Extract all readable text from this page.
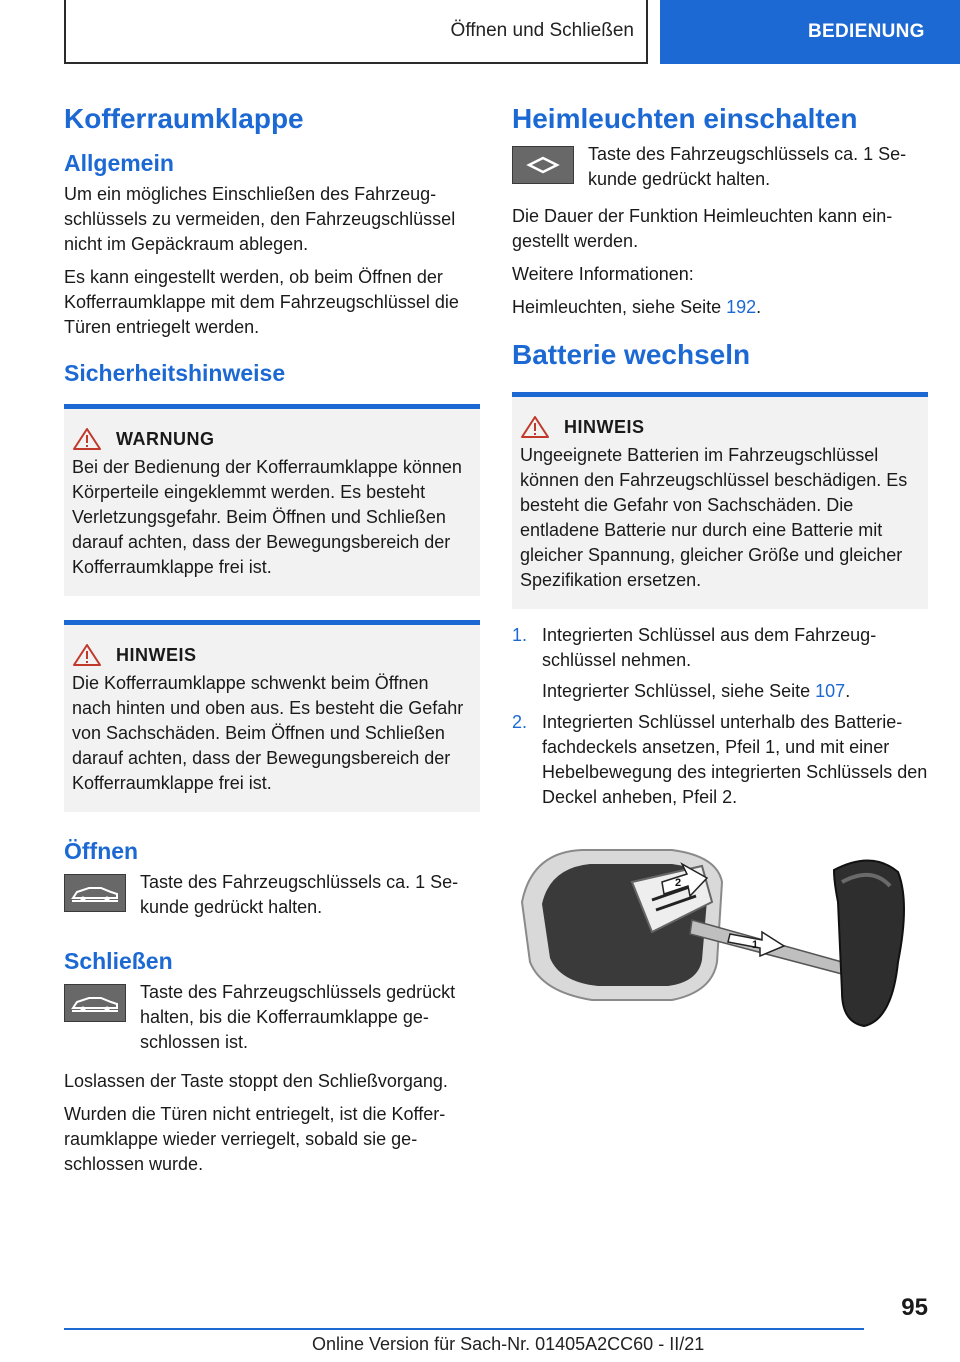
Öffnen und Schließen	BEDIENUNG
Kofferraumklappe
Allgemein

Um ein mögliches Einschließen des Fahrzeugschlüssels zu vermeiden, den Fahrzeugschlüssel nicht im Gepäckraum ablegen.

Es kann eingestellt werden, ob beim Öffnen der Kofferraumklappe mit dem Fahrzeugschlüssel die Türen entriegelt werden.

Sicherheitshinweise
WARNUNG

Bei der Bedienung der Kofferraumklappe können Körperteile eingeklemmt werden. Es besteht Verletzungsgefahr. Beim Öffnen und Schließen darauf achten, dass der Bewegungsbereich der Kofferraumklappe frei ist.

HINWEIS

Die Kofferraumklappe schwenkt beim Öffnen nach hinten und oben aus. Es besteht die Gefahr von Sachschäden. Beim Öffnen und Schließen darauf achten, dass der Bewegungsbereich der Kofferraumklappe frei ist.

Öffnen

Taste des Fahrzeugschlüssels ca. 1 Sekunde gedrückt halten.

Schließen

Taste des Fahrzeugschlüssels gedrückt halten, bis die Kofferraumklappe geschlossen ist.

Loslassen der Taste stoppt den Schließvorgang.

Wurden die Türen nicht entriegelt, ist die Kofferraumklappe wieder verriegelt, sobald sie geschlossen wurde.

Heimleuchten einschalten

Taste des Fahrzeugschlüssels ca. 1 Sekunde gedrückt halten.

Die Dauer der Funktion Heimleuchten kann eingestellt werden.

Weitere Informationen:

Heimleuchten, siehe Seite 192.

Batterie wechseln
HINWEIS

Ungeeignete Batterien im Fahrzeugschlüssel können den Fahrzeugschlüssel beschädigen. Es besteht die Gefahr von Sachschäden. Die entladene Batterie nur durch eine Batterie mit gleicher Spannung, gleicher Größe und gleicher Spezifikation ersetzen.

1. Integrierten Schlüssel aus dem Fahrzeugschlüssel nehmen.
Integrierter Schlüssel, siehe Seite 107.
2. Integrierten Schlüssel unterhalb des Batteriefachdeckels ansetzen, Pfeil 1, und mit einer Hebelbewegung des integrierten Schlüssels den Deckel anheben, Pfeil 2.
2
1
95
Online Version für Sach-Nr. 01405A2CC60 - II/21
